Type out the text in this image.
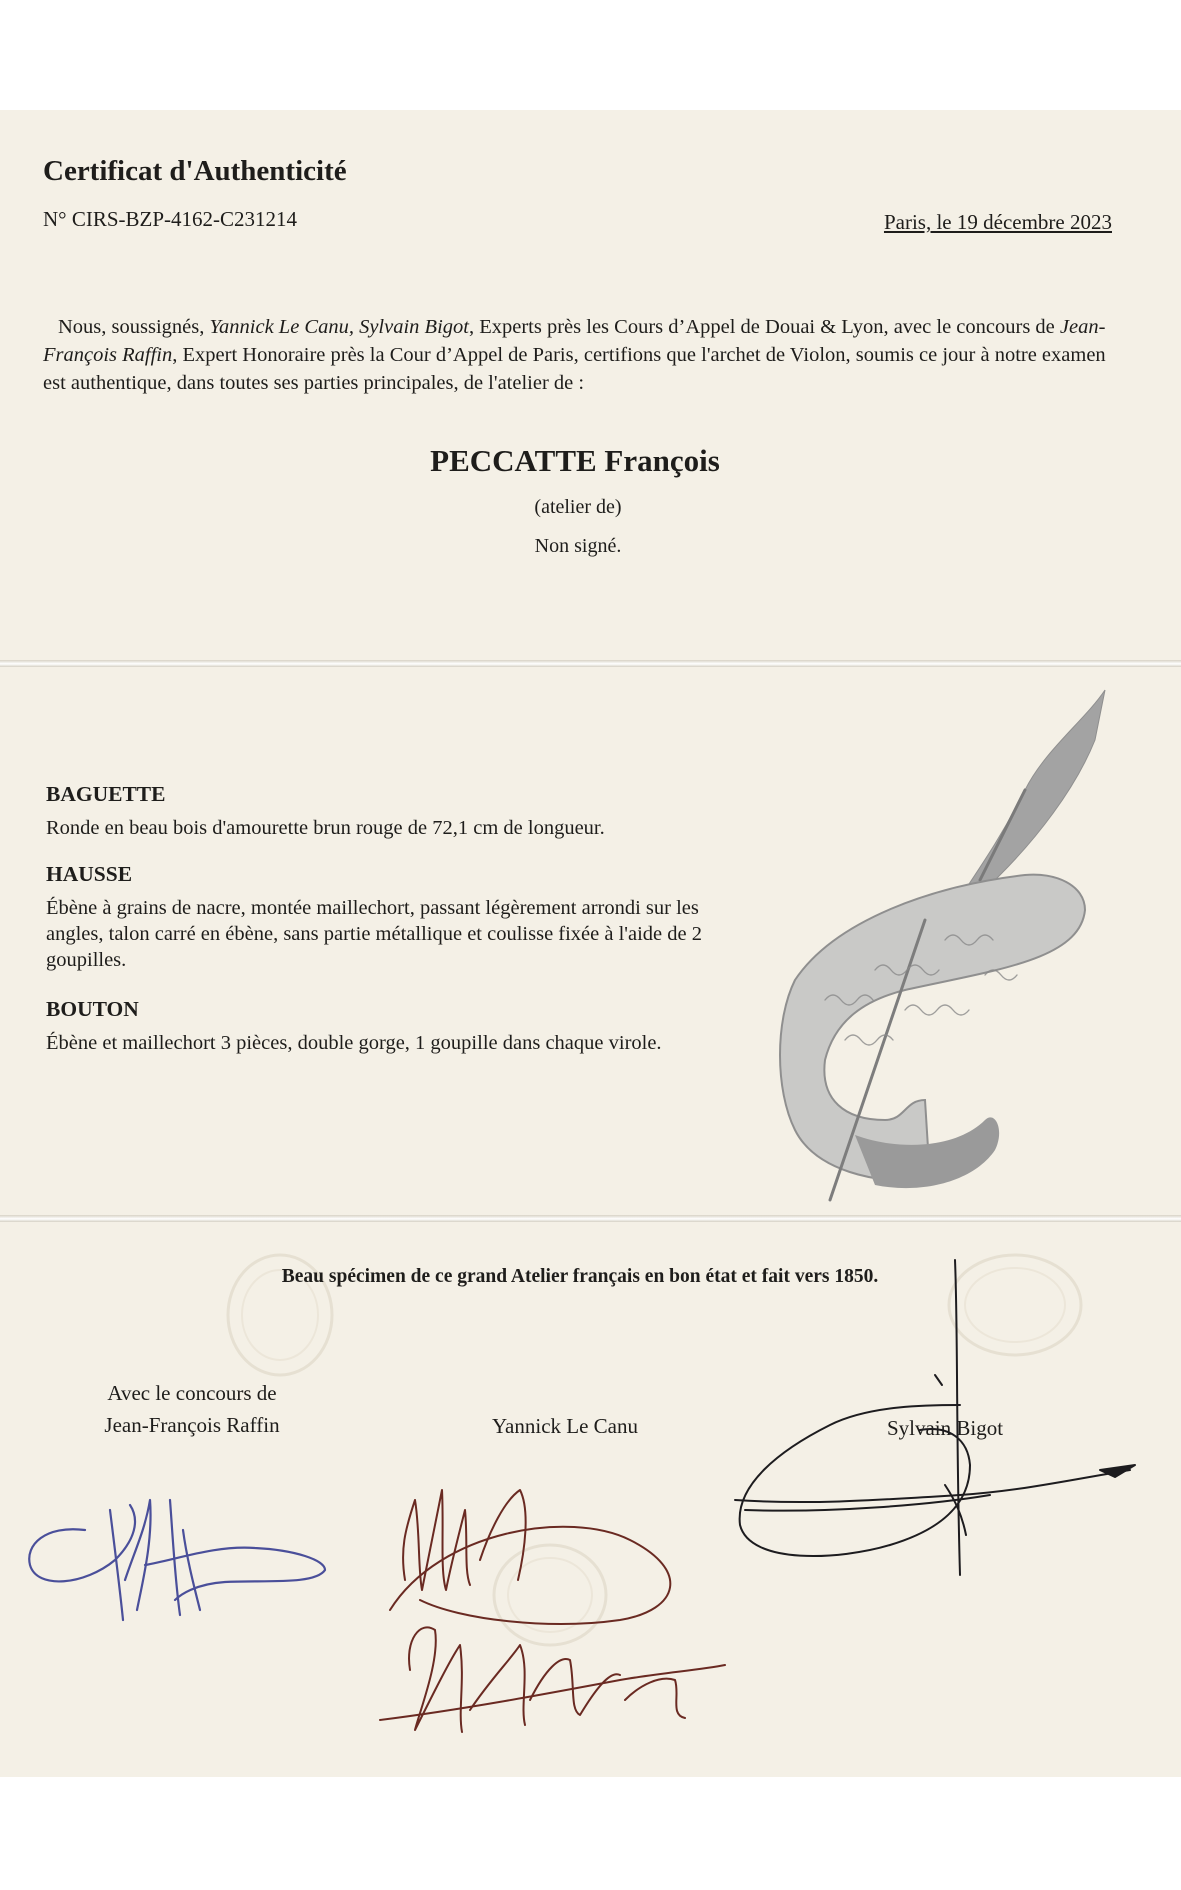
Certificat d'Authenticité
N° CIRS-BZP-4162-C231214	Paris, le 19 décembre 2023

Nous, soussignés, Yannick Le Canu, Sylvain Bigot, Experts près les Cours d’Appel de Douai & Lyon, avec le concours de Jean-François Raffin, Expert Honoraire près la Cour d’Appel de Paris, certifions que l'archet de Violon, soumis ce jour à notre examen est authentique, dans toutes ses parties principales, de l'atelier de :

PECCATTE François
(atelier de)
Non signé.
BAGUETTE
Ronde en beau bois d'amourette brun rouge de 72,1 cm de longueur.
HAUSSE
Ébène à grains de nacre, montée maillechort, passant légèrement arrondi sur les angles, talon carré en ébène, sans partie métallique et coulisse fixée à l'aide de 2 goupilles.
BOUTON
Ébène et maillechort 3 pièces, double gorge, 1 goupille dans chaque virole.
Beau spécimen de ce grand Atelier français en bon état et fait vers 1850.
Avec le concours de
Jean-François Raffin	Yannick Le Canu	Sylvain Bigot
